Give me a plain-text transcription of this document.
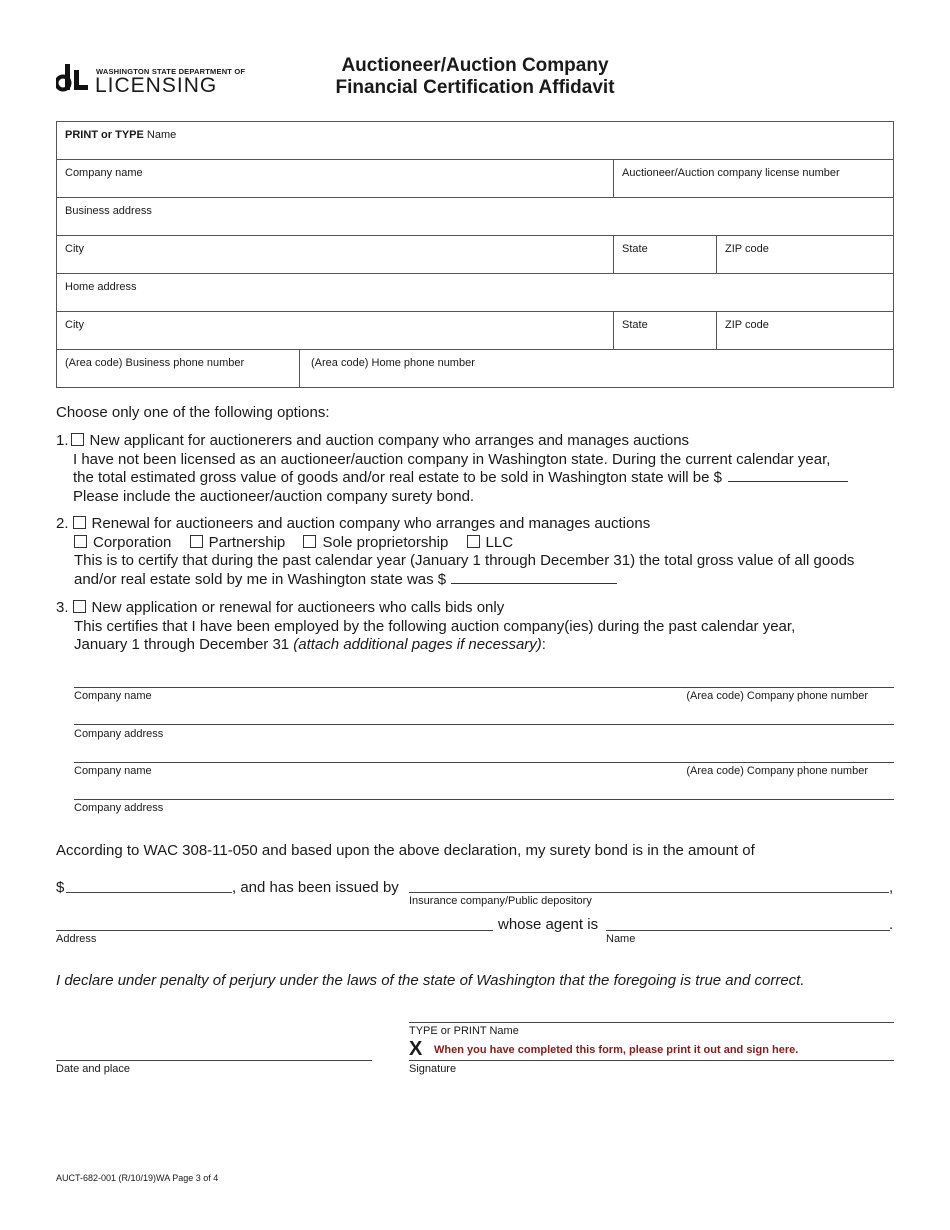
WASHINGTON STATE DEPARTMENT OF
LICENSING
Auctioneer/Auction Company
Financial Certification Affidavit
PRINT or TYPE Name			
Company name		Auctioneer/Auction company license number	
Business address			
City		State	ZIP code
Home address			
City		State	ZIP code
(Area code) Business phone number	(Area code) Home phone number		
Choose only one of the following options:
1. New applicant for auctionerers and auction company who arranges and manages auctions
I have not been licensed as an auctioneer/auction company in Washington state. During the current calendar year,
the total estimated gross value of goods and/or real estate to be sold in Washington state will be $
Please include the auctioneer/auction company surety bond.
2. Renewal for auctioneers and auction company who arranges and manages auctions
Corporation Partnership Sole proprietorship LLC
This is to certify that during the past calendar year (January 1 through December 31) the total gross value of all goods
and/or real estate sold by me in Washington state was $
3. New application or renewal for auctioneers who calls bids only
This certifies that I have been employed by the following auction company(ies) during the past calendar year,
January 1 through December 31 (attach additional pages if necessary):
Company name	(Area code) Company phone number
Company address
Company name	(Area code) Company phone number
Company address
According to WAC 308-11-050 and based upon the above declaration, my surety bond is in the amount of
$	, and has been issued by	,
Insurance company/Public depository
whose agent is	.
Address	Name
I declare under penalty of perjury under the laws of the state of Washington that the foregoing is true and correct.
TYPE or PRINT Name
X When you have completed this form, please print it out and sign here.
Signature
Date and place
AUCT-682-001 (R/10/19)WA Page 3 of 4
